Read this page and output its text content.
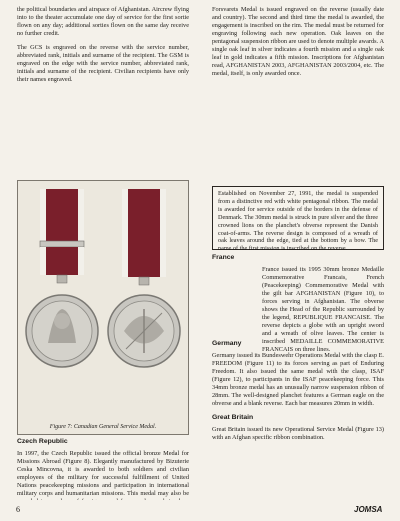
the political boundaries and airspace of Afghanistan. Aircrew flying into to the theater accumulate one day of service for the first sortie flown on any day; additional sorties flown on the same day receive no further credit.

The GCS is engraved on the reverse with the service number, abbreviated rank, initials and surname of the recipient. The GSM is engraved on the edge with the service number, abbreviated rank, initials and surname of the recipient. Civilian recipients have only their names engraved.

Figure 7: Canadian General Service Medal.
Czech Republic

In 1997, the Czech Republic issued the official bronze Medal for Missions Abroad (Figure 8). Elegantly manufactured by Bizuterie Ceska Mincovna, it is awarded to both soldiers and civilian employees of the military for successful fulfillment of United Nations peacekeeping missions and participation in international military corps and humanitarian missions. This medal may also be

Forsvarets Medal is issued engraved on the reverse (usually date and country). The second and third time the medal is awarded, the engagement is inscribed on the rim. The medal must be returned for engraving following each new operation. Oak leaves on the pentagonal suspension ribbon are used to denote multiple awards. A single oak leaf in silver indicates a fourth mission and a single oak leaf in gold indicates a fifth mission. Inscriptions for Afghanistan read, AFGHANISTAN 2003, AFGHANISTAN 2003/2004, etc. The medal, itself, is only awarded once.

Established on November 27, 1991, the medal is suspended from a distinctive red with white pentagonal ribbon. The medal is awarded for service outside of the borders in the defense of Denmark. The 30mm medal is struck in pure silver and the three crowned lions on the planchet's obverse represent the Danish coat-of-arms. The reverse design is composed of a wreath of oak leaves around the edge, tied at the bottom by a bow. The name of the first mission is inscribed on the reverse.

France

France issued its 1995 30mm bronze Medaille Commemorative Francais, French (Peacekeeping) Commemorative Medal with the gilt bar AFGHANISTAN (Figure 10), to forces serving in Afghanistan. The obverse shows the Head of the Republic surrounded by the legend, REPUBLIQUE FRANCAISE. The reverse depicts a globe with an upright sword and a wreath of olive leaves. The center is inscribed MEDAILLE COMMEMORATIVE FRANCAIS on three lines.

Germany

Germany issued its Bundeswehr Operations Medal with the clasp E. FREEDOM (Figure 11) to its forces serving as part of Enduring Freedom. It also issued the same medal with the clasp, ISAF (Figure 12), to participants in the ISAF peacekeeping force. This 34mm bronze medal has an unusually narrow suspension ribbon of 28mm. The well-designed planchet features a German eagle on the obverse and a blank reverse. Each bar measures 20mm in width.

Great Britain

Great Britain issued its new Operational Service Medal (Figure 13) with an Afghan specific ribbon combination.

6	JOMSA
